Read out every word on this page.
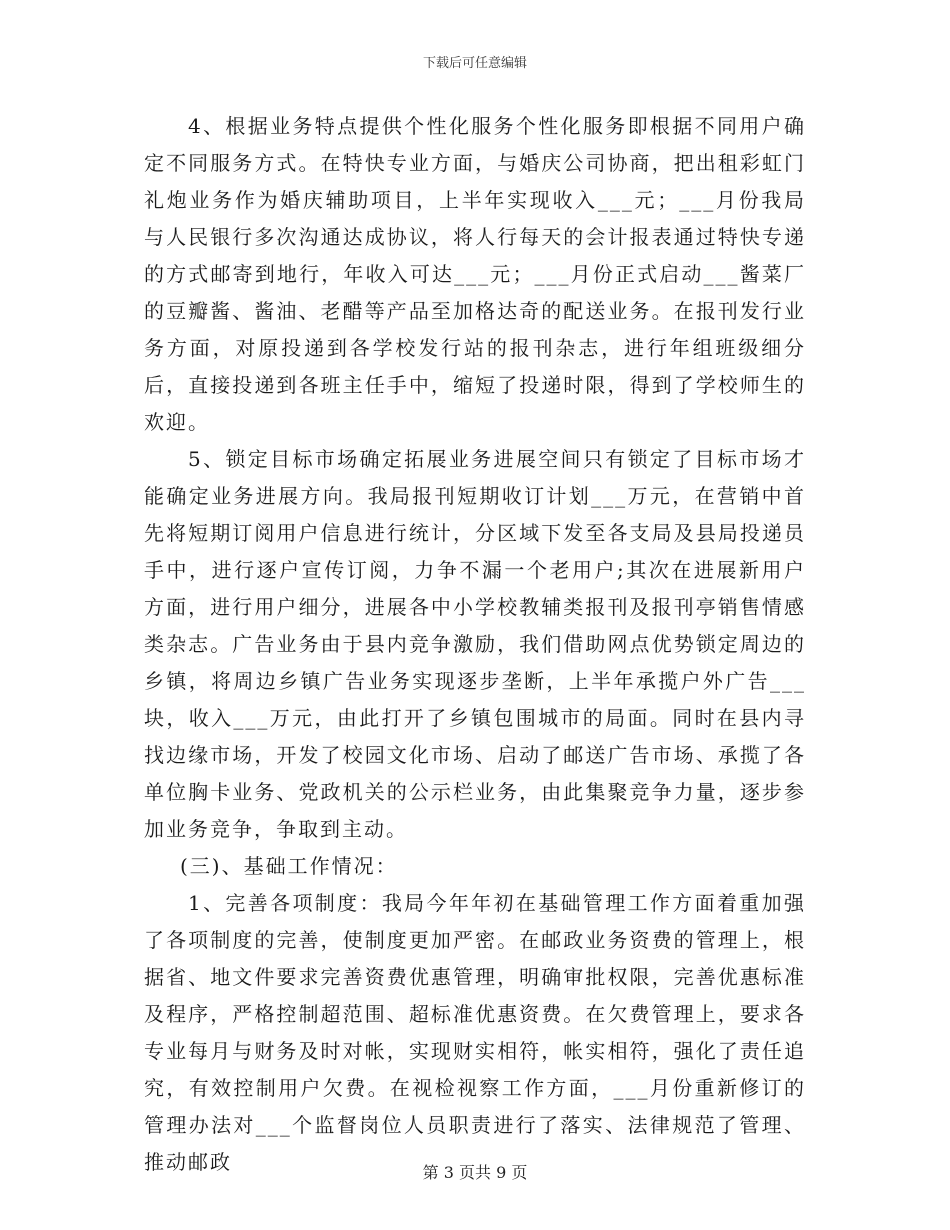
下载后可任意编辑

4、根据业务特点提供个性化服务个性化服务即根据不同用户确定不同服务方式。在特快专业方面，与婚庆公司协商，把出租彩虹门礼炮业务作为婚庆辅助项目，上半年实现收入___元；___月份我局与人民银行多次沟通达成协议，将人行每天的会计报表通过特快专递的方式邮寄到地行，年收入可达___元；___月份正式启动___酱菜厂的豆瓣酱、酱油、老醋等产品至加格达奇的配送业务。在报刊发行业务方面，对原投递到各学校发行站的报刊杂志，进行年组班级细分后，直接投递到各班主任手中，缩短了投递时限，得到了学校师生的欢迎。

5、锁定目标市场确定拓展业务进展空间只有锁定了目标市场才能确定业务进展方向。我局报刊短期收订计划___万元，在营销中首先将短期订阅用户信息进行统计，分区域下发至各支局及县局投递员手中，进行逐户宣传订阅，力争不漏一个老用户;其次在进展新用户方面，进行用户细分，进展各中小学校教辅类报刊及报刊亭销售情感类杂志。广告业务由于县内竞争激励，我们借助网点优势锁定周边的乡镇，将周边乡镇广告业务实现逐步垄断，上半年承揽户外广告___块，收入___万元，由此打开了乡镇包围城市的局面。同时在县内寻找边缘市场，开发了校园文化市场、启动了邮送广告市场、承揽了各单位胸卡业务、党政机关的公示栏业务，由此集聚竞争力量，逐步参加业务竞争，争取到主动。

(三)、基础工作情况：

1、完善各项制度：我局今年年初在基础管理工作方面着重加强了各项制度的完善，使制度更加严密。在邮政业务资费的管理上，根据省、地文件要求完善资费优惠管理，明确审批权限，完善优惠标准及程序，严格控制超范围、超标准优惠资费。在欠费管理上，要求各专业每月与财务及时对帐，实现财实相符，帐实相符，强化了责任追究，有效控制用户欠费。在视检视察工作方面，___月份重新修订的管理办法对___个监督岗位人员职责进行了落实、法律规范了管理、推动邮政	第 3 页共 9 页
